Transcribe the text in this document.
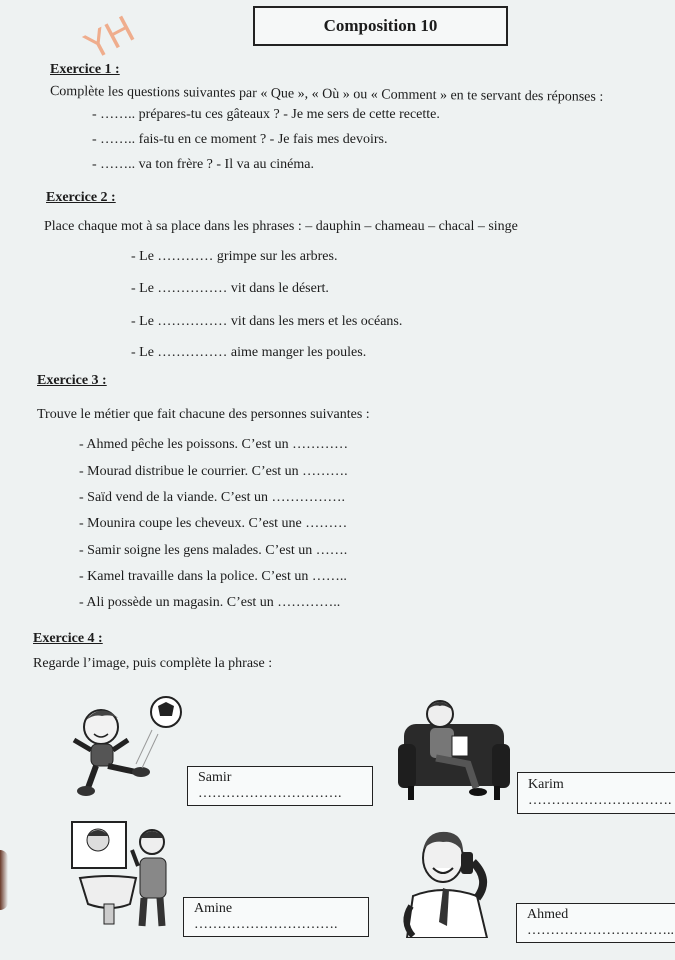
Composition 10
YH
Exercice 1 :
Complète les questions suivantes par « Que », « Où » ou « Comment » en te servant des réponses :
- …….. prépares-tu ces gâteaux ? - Je me sers de cette recette.
- …….. fais-tu en ce moment ? - Je fais mes devoirs.
- …….. va ton frère ? - Il va au cinéma.
Exercice 2 :
Place chaque mot à sa place dans les phrases : – dauphin – chameau – chacal – singe
- Le ………… grimpe sur les arbres.
- Le …………… vit dans le désert.
- Le …………… vit dans les mers et les océans.
- Le …………… aime manger les poules.
Exercice 3 :
Trouve le métier que fait chacune des personnes suivantes :
- Ahmed pêche les poissons. C’est un …………
- Mourad distribue le courrier. C’est un ……….
- Saïd vend de la viande. C’est un …………….
- Mounira coupe les cheveux. C’est une ………
- Samir soigne les gens malades. C’est un …….
- Kamel travaille dans la police. C’est un ……..
- Ali possède un magasin. C’est un …………..
Exercice 4 :
Regarde l’image, puis complète la phrase :
Samir ………………………….
Karim ………………………….
Amine ………………………….
Ahmed …………………………..
